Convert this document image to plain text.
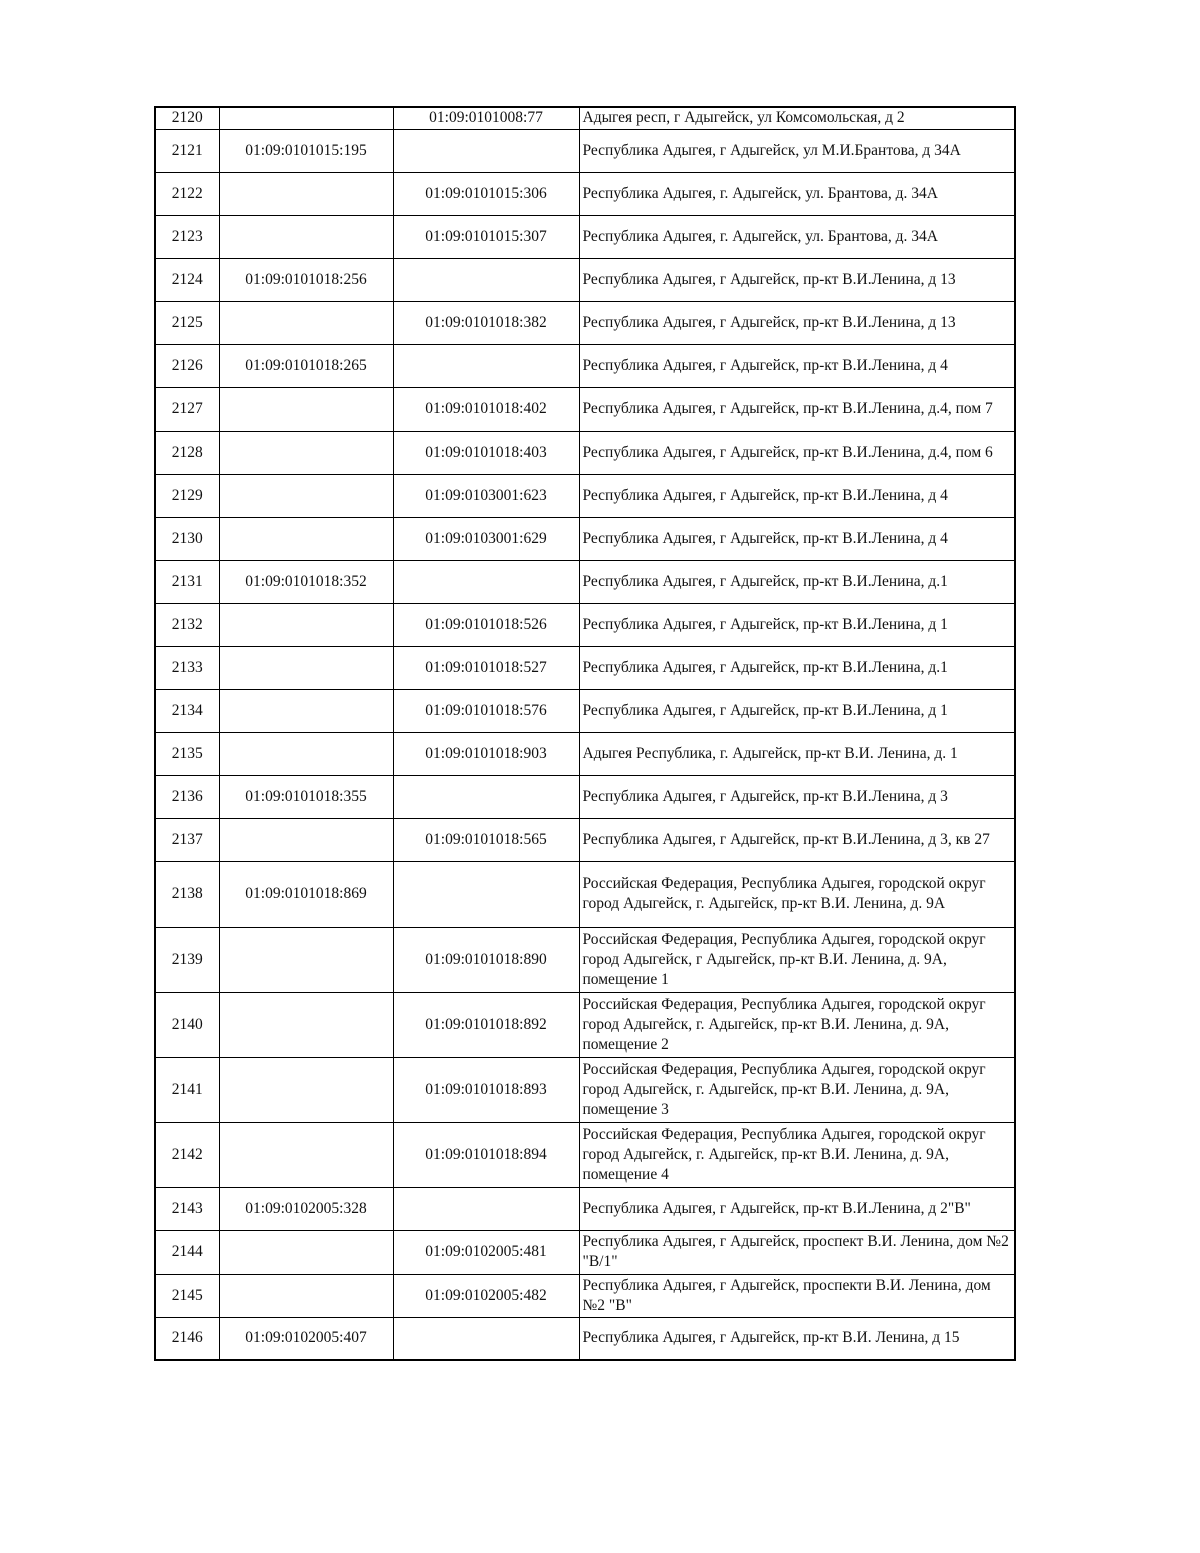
2120		01:09:0101008:77	Адыгея респ, г Адыгейск, ул Комсомольская, д 2
2121	01:09:0101015:195		Республика Адыгея, г Адыгейск, ул М.И.Брантова, д 34А
2122		01:09:0101015:306	Республика Адыгея, г. Адыгейск, ул. Брантова, д. 34А
2123		01:09:0101015:307	Республика Адыгея, г. Адыгейск, ул. Брантова, д. 34А
2124	01:09:0101018:256		Республика Адыгея, г Адыгейск, пр-кт В.И.Ленина, д 13
2125		01:09:0101018:382	Республика Адыгея, г Адыгейск, пр-кт В.И.Ленина, д 13
2126	01:09:0101018:265		Республика Адыгея, г Адыгейск, пр-кт В.И.Ленина, д 4
2127		01:09:0101018:402	Республика Адыгея, г Адыгейск, пр-кт В.И.Ленина, д.4, пом 7
2128		01:09:0101018:403	Республика Адыгея, г Адыгейск, пр-кт В.И.Ленина, д.4, пом 6
2129		01:09:0103001:623	Республика Адыгея, г Адыгейск, пр-кт В.И.Ленина, д 4
2130		01:09:0103001:629	Республика Адыгея, г Адыгейск, пр-кт В.И.Ленина, д 4
2131	01:09:0101018:352		Республика Адыгея, г Адыгейск, пр-кт В.И.Ленина, д.1
2132		01:09:0101018:526	Республика Адыгея, г Адыгейск, пр-кт В.И.Ленина, д 1
2133		01:09:0101018:527	Республика Адыгея, г Адыгейск, пр-кт В.И.Ленина, д.1
2134		01:09:0101018:576	Республика Адыгея, г Адыгейск, пр-кт В.И.Ленина, д 1
2135		01:09:0101018:903	Адыгея Республика, г. Адыгейск, пр-кт В.И. Ленина, д. 1
2136	01:09:0101018:355		Республика Адыгея, г Адыгейск, пр-кт В.И.Ленина, д 3
2137		01:09:0101018:565	Республика Адыгея, г Адыгейск, пр-кт В.И.Ленина, д 3, кв 27
2138	01:09:0101018:869		Российская Федерация, Республика Адыгея, городской округ город Адыгейск, г. Адыгейск, пр-кт В.И. Ленина, д. 9А
2139		01:09:0101018:890	Российская Федерация, Республика Адыгея, городской округ город Адыгейск, г Адыгейск, пр-кт В.И. Ленина, д. 9А, помещение 1
2140		01:09:0101018:892	Российская Федерация, Республика Адыгея, городской округ город Адыгейск, г. Адыгейск, пр-кт В.И. Ленина, д. 9А, помещение 2
2141		01:09:0101018:893	Российская Федерация, Республика Адыгея, городской округ город Адыгейск, г. Адыгейск, пр-кт В.И. Ленина, д. 9А, помещение 3
2142		01:09:0101018:894	Российская Федерация, Республика Адыгея, городской округ город Адыгейск, г. Адыгейск, пр-кт В.И. Ленина, д. 9А, помещение 4
2143	01:09:0102005:328		Республика Адыгея, г Адыгейск, пр-кт В.И.Ленина, д 2"В"
2144		01:09:0102005:481	Республика Адыгея, г Адыгейск, проспект В.И. Ленина, дом №2 "В/1"
2145		01:09:0102005:482	Республика Адыгея, г Адыгейск, проспекти В.И. Ленина, дом №2 "В"
2146	01:09:0102005:407		Республика Адыгея, г Адыгейск, пр-кт В.И. Ленина, д 15
